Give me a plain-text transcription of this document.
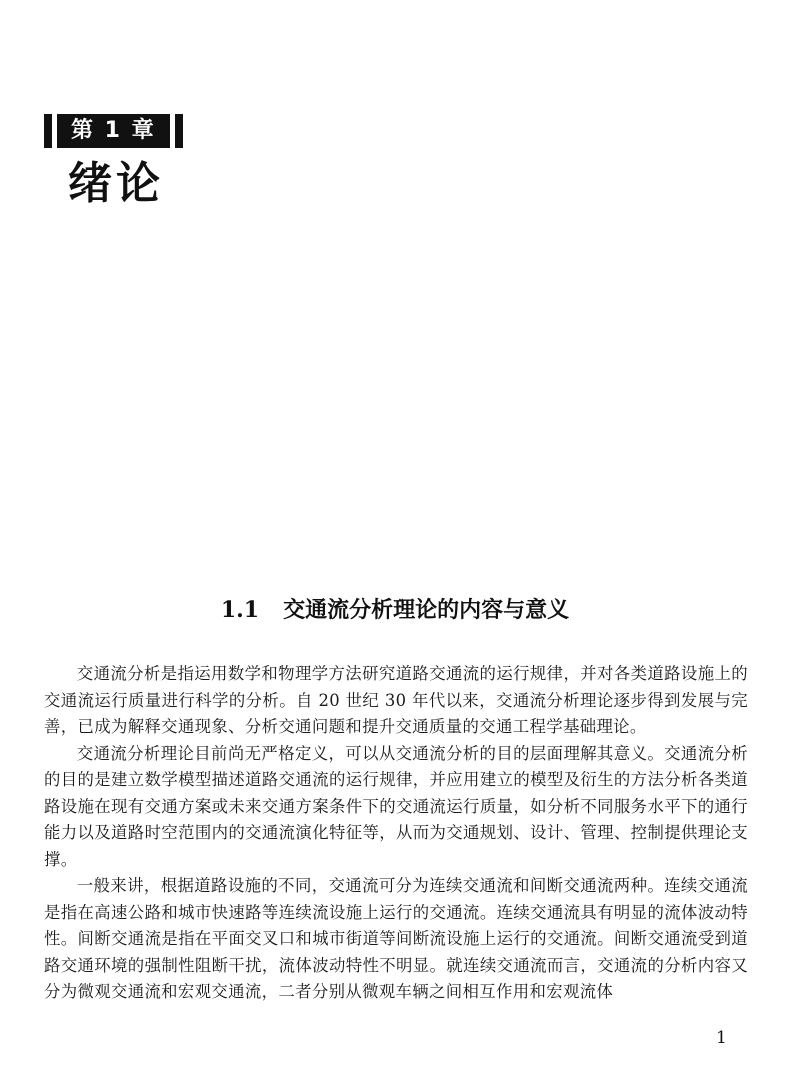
第 1 章
绪论
1.1 交通流分析理论的内容与意义

交通流分析是指运用数学和物理学方法研究道路交通流的运行规律，并对各类道路设施上的交通流运行质量进行科学的分析。自 20 世纪 30 年代以来，交通流分析理论逐步得到发展与完善，已成为解释交通现象、分析交通问题和提升交通质量的交通工程学基础理论。

交通流分析理论目前尚无严格定义，可以从交通流分析的目的层面理解其意义。交通流分析的目的是建立数学模型描述道路交通流的运行规律，并应用建立的模型及衍生的方法分析各类道路设施在现有交通方案或未来交通方案条件下的交通流运行质量，如分析不同服务水平下的通行能力以及道路时空范围内的交通流演化特征等，从而为交通规划、设计、管理、控制提供理论支撑。

一般来讲，根据道路设施的不同，交通流可分为连续交通流和间断交通流两种。连续交通流是指在高速公路和城市快速路等连续流设施上运行的交通流。连续交通流具有明显的流体波动特性。间断交通流是指在平面交叉口和城市街道等间断流设施上运行的交通流。间断交通流受到道路交通环境的强制性阻断干扰，流体波动特性不明显。就连续交通流而言，交通流的分析内容又分为微观交通流和宏观交通流，二者分别从微观车辆之间相互作用和宏观流体

1
